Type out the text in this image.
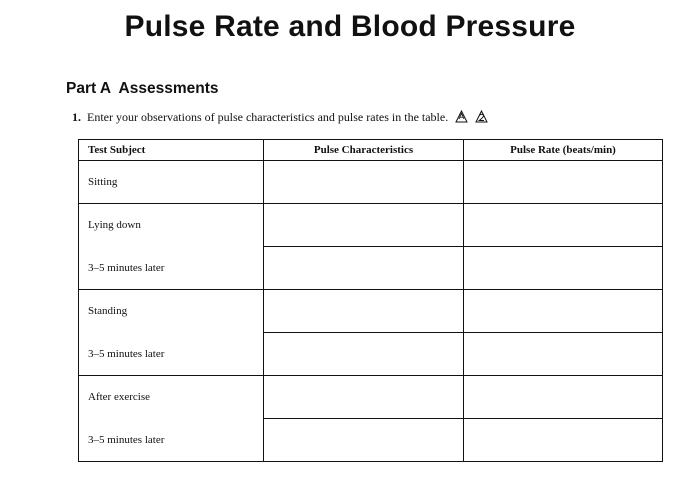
Pulse Rate and Blood Pressure
Part A  Assessments
1. Enter your observations of pulse characteristics and pulse rates in the table.
Test Subject	Pulse Characteristics	Pulse Rate (beats/min)
Sitting		
Lying down		
3–5 minutes later		
Standing		
3–5 minutes later		
After exercise		
3–5 minutes later		
